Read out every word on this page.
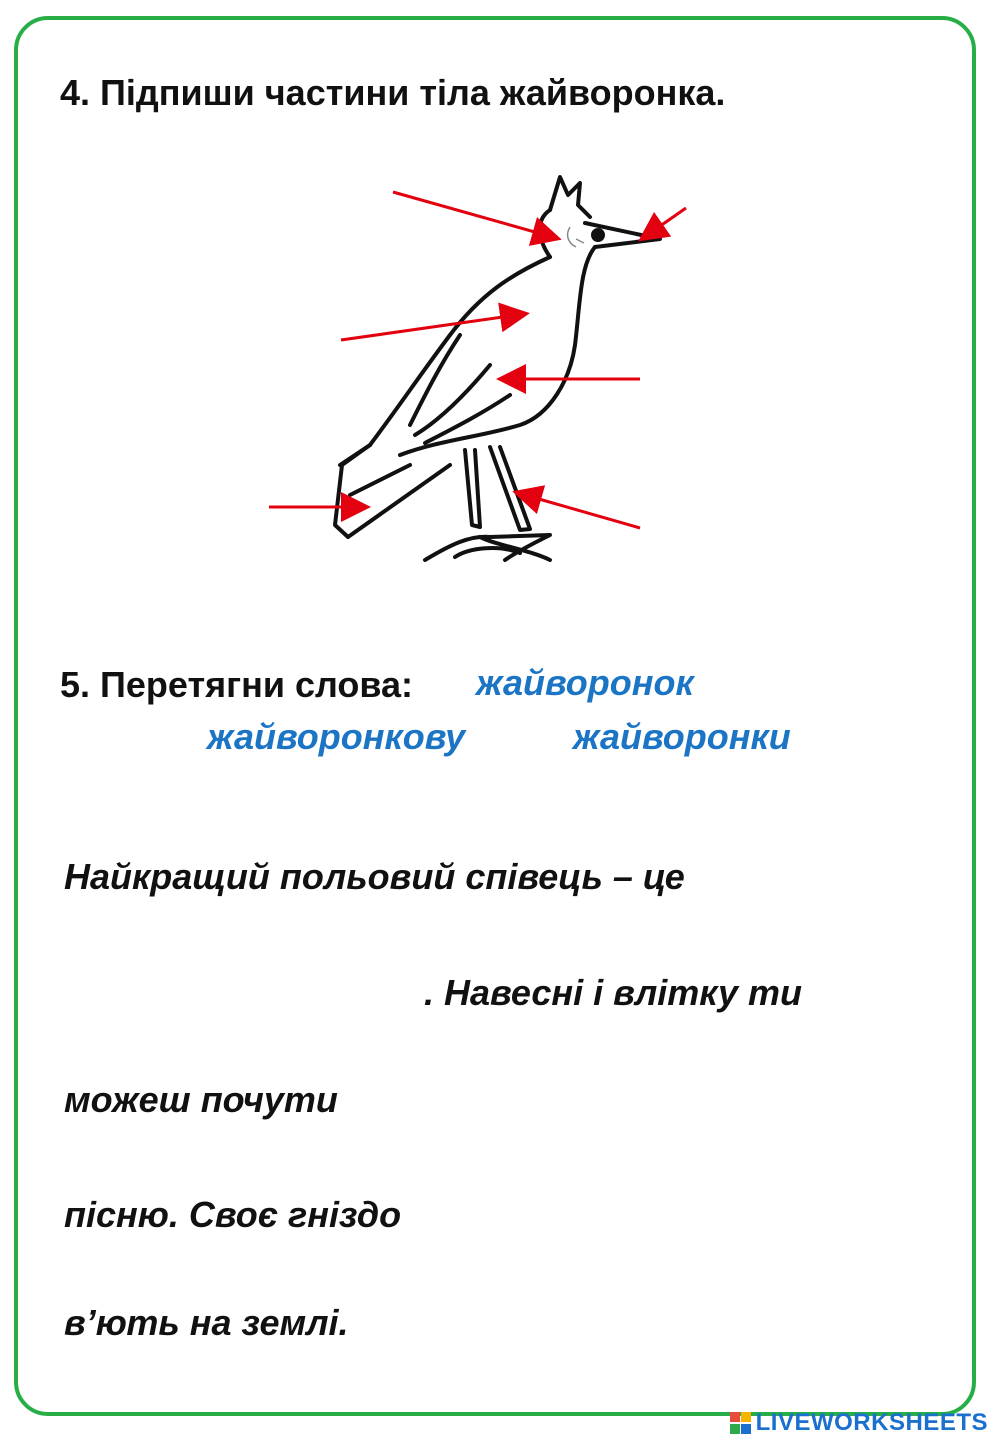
4. Підпиши частини тіла жайворонка.
5. Перетягни слова: жайворонок
жайворонкову	жайворонки
Найкращий польовий співець – це
. Навесні і влітку ти
можеш почути
пісню. Своє гніздо
в’ють на землі.
LIVEWORKSHEETS
